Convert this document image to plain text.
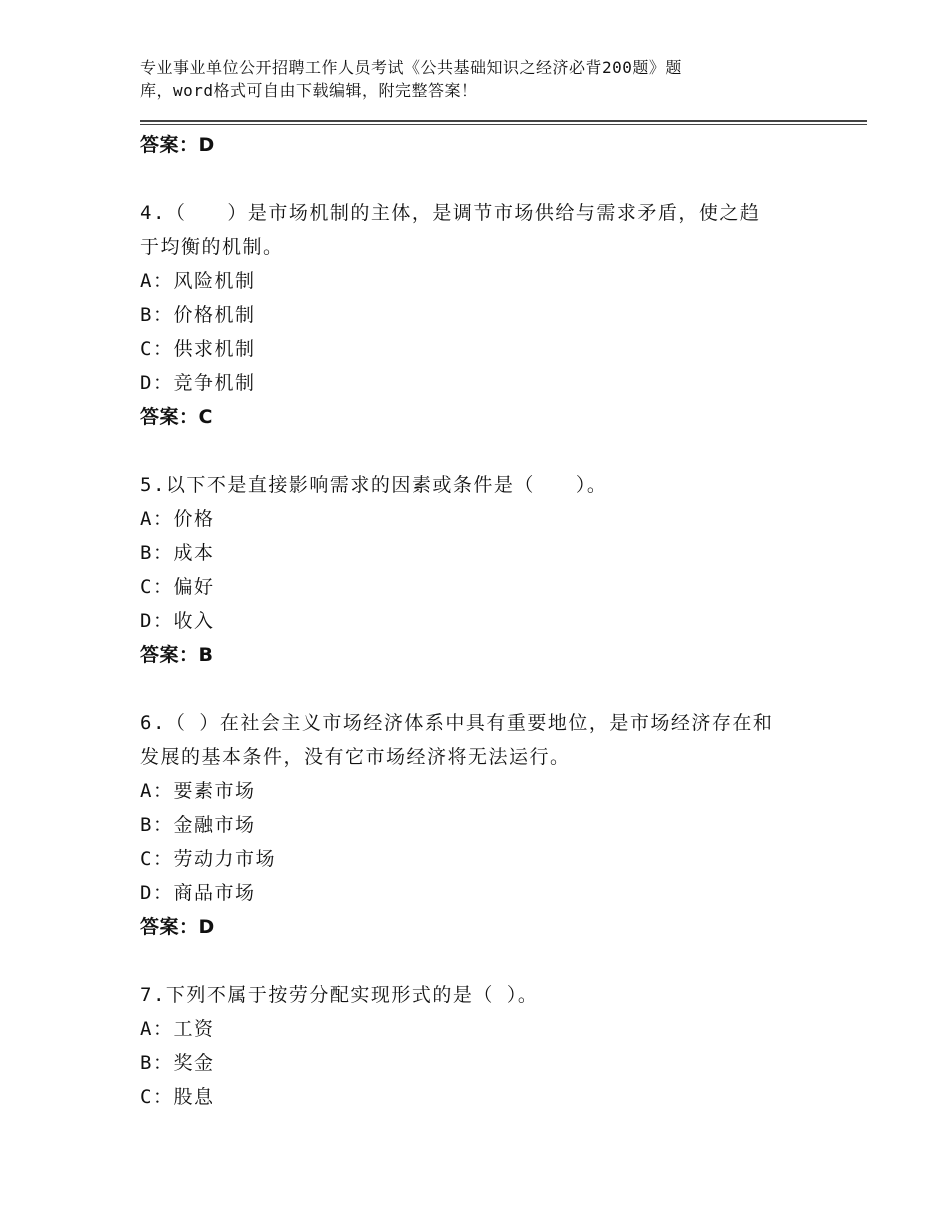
专业事业单位公开招聘工作人员考试《公共基础知识之经济必背200题》题
库，word格式可自由下载编辑，附完整答案！
答案：D
4.（　　）是市场机制的主体，是调节市场供给与需求矛盾，使之趋
于均衡的机制。
A：风险机制
B：价格机制
C：供求机制
D：竞争机制
答案：C
5.以下不是直接影响需求的因素或条件是（　　）。
A：价格
B：成本
C：偏好
D：收入
答案：B
6.（ ）在社会主义市场经济体系中具有重要地位，是市场经济存在和
发展的基本条件，没有它市场经济将无法运行。
A：要素市场
B：金融市场
C：劳动力市场
D：商品市场
答案：D
7.下列不属于按劳分配实现形式的是（ ）。
A：工资
B：奖金
C：股息
